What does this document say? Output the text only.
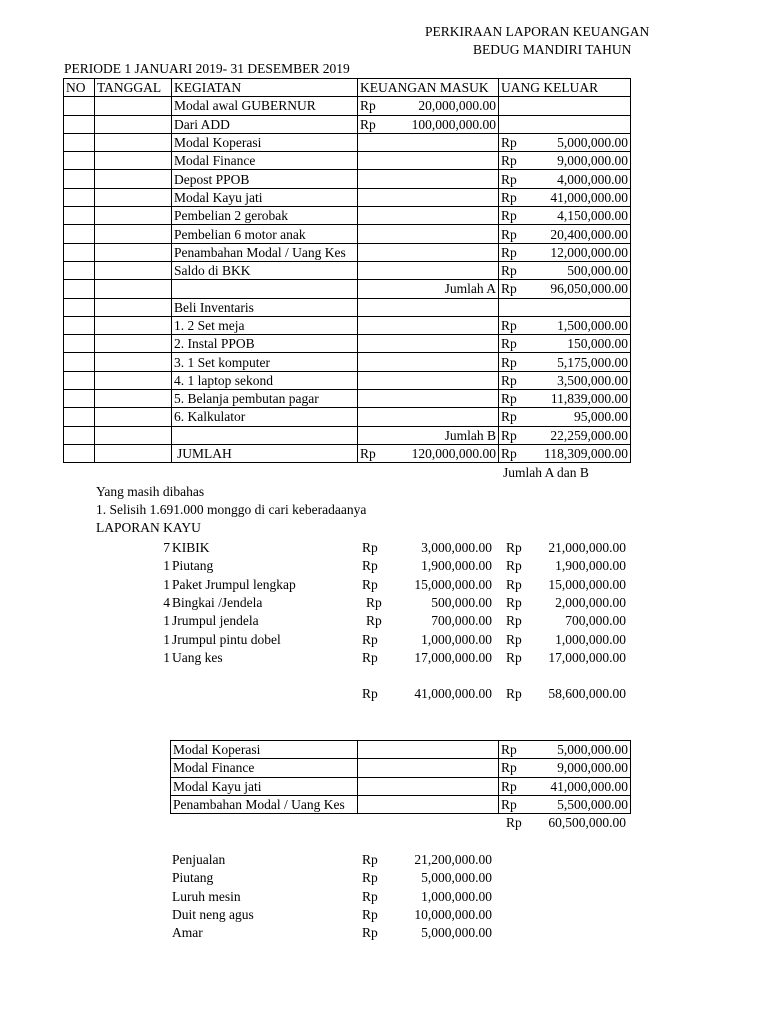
PERKIRAAN LAPORAN KEUANGAN
BEDUG MANDIRI TAHUN
PERIODE 1 JANUARI 2019- 31 DESEMBER 2019
NO	TANGGAL	KEGIATAN	KEUANGAN MASUK	UANG KELUAR
		Modal awal GUBERNUR	Rp 20,000,000.00	

		Dari ADD	Rp 100,000,000.00	

		Modal Koperasi		Rp 5,000,000.00

		Modal Finance		Rp 9,000,000.00

		Depost PPOB		Rp 4,000,000.00

		Modal Kayu jati		Rp 41,000,000.00

		Pembelian 2 gerobak		Rp 4,150,000.00

		Pembelian 6 motor anak		Rp 20,400,000.00

		Penambahan Modal / Uang Kes		Rp 12,000,000.00

		Saldo di BKK		Rp 500,000.00

			Jumlah A	Rp 96,050,000.00

		Beli Inventaris	

		1. 2 Set meja		Rp 1,500,000.00

		2. Instal PPOB		Rp 150,000.00

		3. 1 Set komputer		Rp 5,175,000.00

		4. 1 laptop sekond		Rp 3,500,000.00

		5. Belanja pembutan pagar		Rp 11,839,000.00

		6. Kalkulator		Rp 95,000.00

			Jumlah B	Rp 22,259,000.00

		JUMLAH	Rp 120,000,000.00	Rp 118,309,000.00
Jumlah A dan B
Yang masih dibahas
1. Selisih 1.691.000 monggo di cari keberadaanya
LAPORAN KAYU
7 KIBIK	Rp	3,000,000.00 Rp	21,000,000.00
1 Piutang	Rp	1,900,000.00 Rp	1,900,000.00
1 Paket Jrumpul lengkap	Rp	15,000,000.00 Rp	15,000,000.00
4 Bingkai /Jendela	Rp	500,000.00 Rp	2,000,000.00
1 Jrumpul jendela	Rp	700,000.00 Rp	700,000.00
1 Jrumpul pintu dobel	Rp	1,000,000.00 Rp	1,000,000.00
1 Uang kes	Rp	17,000,000.00 Rp	17,000,000.00
Rp	41,000,000.00 Rp	58,600,000.00
Modal Koperasi		Rp 5,000,000.00

Modal Finance		Rp 9,000,000.00

Modal Kayu jati		Rp 41,000,000.00

Penambahan Modal / Uang Kes		Rp 5,500,000.00
Rp	60,500,000.00
Penjualan	Rp	21,200,000.00
Piutang	Rp	5,000,000.00
Luruh mesin	Rp	1,000,000.00
Duit neng agus	Rp	10,000,000.00
Amar	Rp	5,000,000.00
